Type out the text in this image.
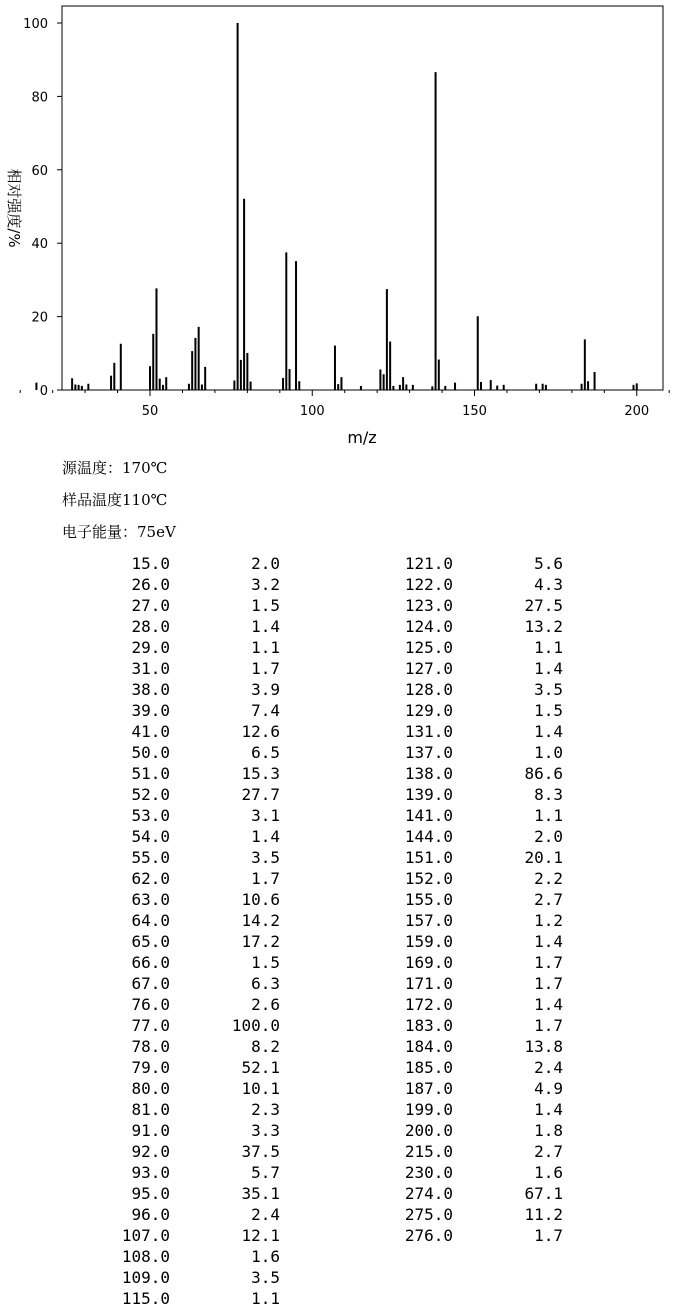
0
20
40
60
80
100
50	100	150	200
m/z
相对强度/%
源温度：170℃
样品温度110℃
电子能量：75eV
15.0	2.0
26.0	3.2
27.0	1.5
28.0	1.4
29.0	1.1
31.0	1.7
38.0	3.9
39.0	7.4
41.0	12.6
50.0	6.5
51.0	15.3
52.0	27.7
53.0	3.1
54.0	1.4
55.0	3.5
62.0	1.7
63.0	10.6
64.0	14.2
65.0	17.2
66.0	1.5
67.0	6.3
76.0	2.6
77.0	100.0
78.0	8.2
79.0	52.1
80.0	10.1
81.0	2.3
91.0	3.3
92.0	37.5
93.0	5.7
95.0	35.1
96.0	2.4
107.0	12.1
108.0	1.6
109.0	3.5
115.0	1.1
121.0	5.6
122.0	4.3
123.0	27.5
124.0	13.2
125.0	1.1
127.0	1.4
128.0	3.5
129.0	1.5
131.0	1.4
137.0	1.0
138.0	86.6
139.0	8.3
141.0	1.1
144.0	2.0
151.0	20.1
152.0	2.2
155.0	2.7
157.0	1.2
159.0	1.4
169.0	1.7
171.0	1.7
172.0	1.4
183.0	1.7
184.0	13.8
185.0	2.4
187.0	4.9
199.0	1.4
200.0	1.8
215.0	2.7
230.0	1.6
274.0	67.1
275.0	11.2
276.0	1.7
